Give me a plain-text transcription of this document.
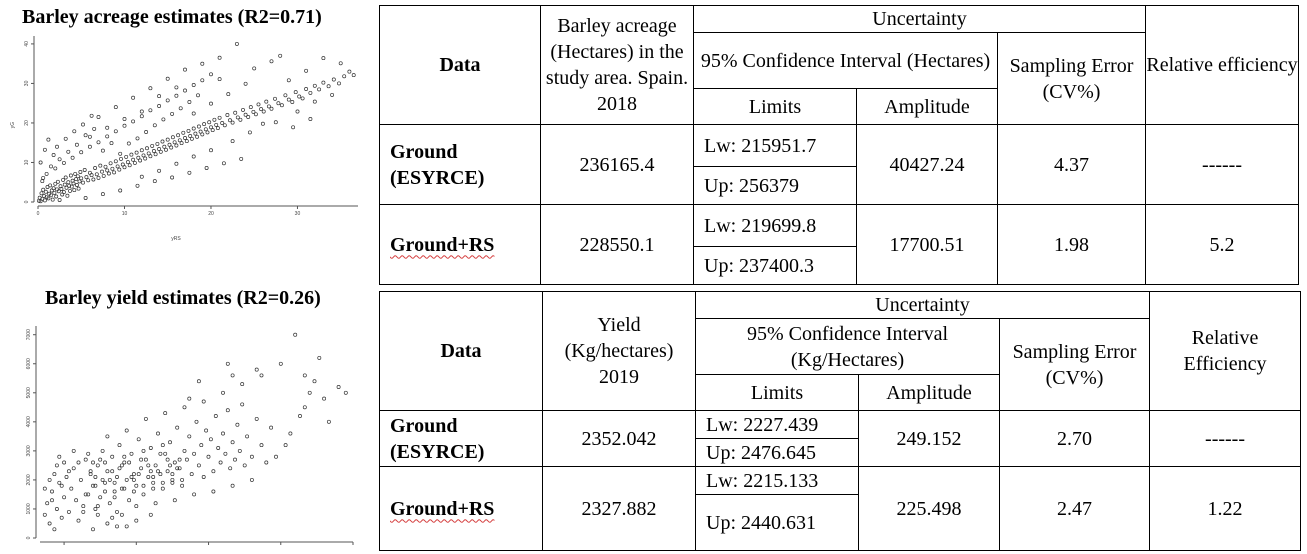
Barley acreage estimates (R2=0.71)
0	10	20	30
0
10
20
30
40
yRS
yG
Barley yield estimates (R2=0.26)
0
1000
2000
3000
4000
5000
6000
7000
Data	Barley acreage (Hectares) in the study area. Spain. 2018	Uncertainty			Relative efficiency
		95% Confidence Interval (Hectares)		Sampling Error (CV%)	
		Limits	Amplitude		
Ground (ESYRCE)	236165.4	Lw: 215951.7	40427.24	4.37	------
		Up: 256379			
Ground+RS	228550.1	Lw: 219699.8	17700.51	1.98	5.2
		Up: 237400.3			
Data	Yield (Kg/hectares) 2019	Uncertainty			Relative Efficiency
		95% Confidence Interval (Kg/Hectares)		Sampling Error (CV%)	
		Limits	Amplitude		
Ground (ESYRCE)	2352.042	Lw: 2227.439	249.152	2.70	------
		Up: 2476.645			
Ground+RS	2327.882	Lw: 2215.133	225.498	2.47	1.22
		Up: 2440.631			
